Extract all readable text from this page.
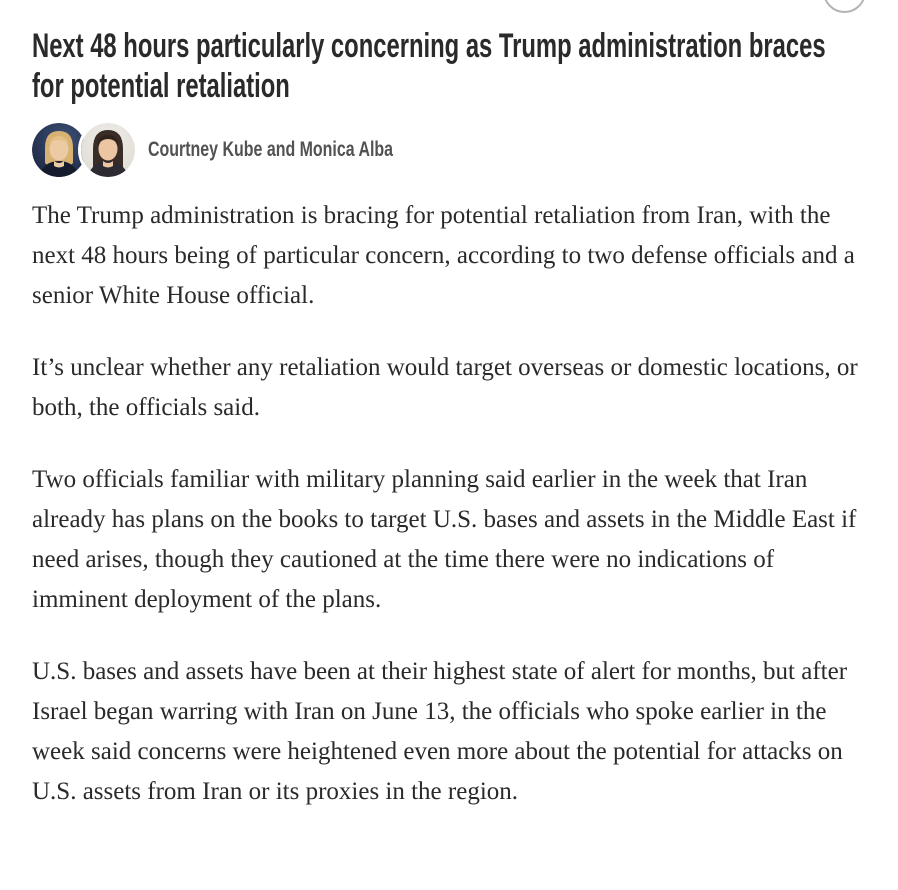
Next 48 hours particularly concerning as Trump administration braces for potential retaliation
Courtney Kube and Monica Alba

The Trump administration is bracing for potential retaliation from Iran, with the next 48 hours being of particular concern, according to two defense officials and a senior White House official.

It’s unclear whether any retaliation would target overseas or domestic locations, or both, the officials said.

Two officials familiar with military planning said earlier in the week that Iran already has plans on the books to target U.S. bases and assets in the Middle East if need arises, though they cautioned at the time there were no indications of imminent deployment of the plans.

U.S. bases and assets have been at their highest state of alert for months, but after Israel began warring with Iran on June 13, the officials who spoke earlier in the week said concerns were heightened even more about the potential for attacks on U.S. assets from Iran or its proxies in the region.
